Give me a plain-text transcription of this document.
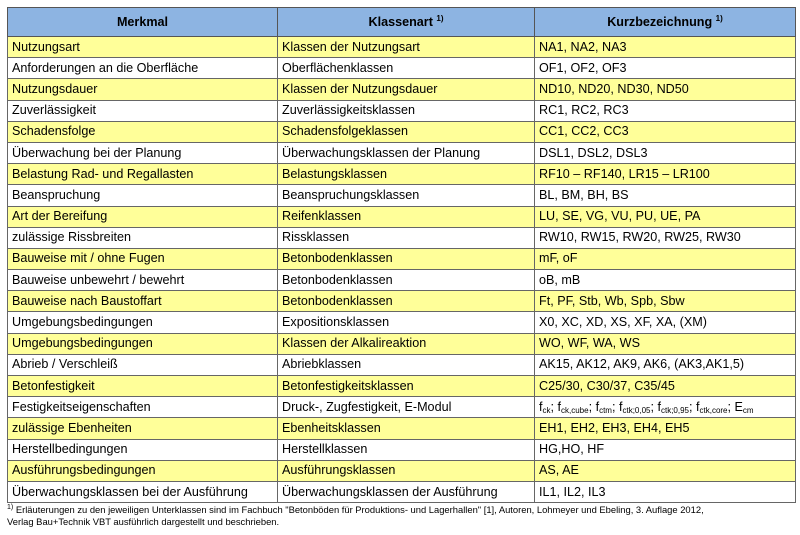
Merkmal	Klassenart $^{1)}$	Kurzbezeichnung $^{1)}$
Nutzungsart	Klassen der Nutzungsart	NA1, NA2, NA3
Anforderungen an die Oberfläche	Oberflächenklassen	OF1, OF2, OF3
Nutzungsdauer	Klassen der Nutzungsdauer	ND10, ND20, ND30, ND50
Zuverlässigkeit	Zuverlässigkeitsklassen	RC1, RC2, RC3
Schadensfolge	Schadensfolgeklassen	CC1, CC2, CC3
Überwachung bei der Planung	Überwachungsklassen der Planung	DSL1, DSL2, DSL3
Belastung Rad- und Regallasten	Belastungsklassen	RF10 – RF140, LR15 – LR100
Beanspruchung	Beanspruchungsklassen	BL, BM, BH, BS
Art der Bereifung	Reifenklassen	LU, SE, VG, VU, PU, UE, PA
zulässige Rissbreiten	Rissklassen	RW10, RW15, RW20, RW25, RW30
Bauweise mit / ohne Fugen	Betonbodenklassen	mF, oF
Bauweise unbewehrt / bewehrt	Betonbodenklassen	oB, mB
Bauweise nach Baustoffart	Betonbodenklassen	Ft, PF, Stb, Wb, Spb, Sbw
Umgebungsbedingungen	Expositionsklassen	X0, XC, XD, XS, XF, XA, (XM)
Umgebungsbedingungen	Klassen der Alkalireaktion	WO, WF, WA, WS
Abrieb / Verschleiß	Abriebklassen	AK15, AK12, AK9, AK6, (AK3,AK1,5)
Betonfestigkeit	Betonfestigkeitsklassen	C25/30, C30/37, C35/45
Festigkeitseigenschaften	Druck-, Zugfestigkeit, E-Modul	$f_{ck}$; $f_{ck,cube}$; $f_{ctm}$; $f_{ctk;0,05}$; $f_{ctk;0,95}$; $f_{ctk,core}$; $E_{cm}$
zulässige Ebenheiten	Ebenheitsklassen	EH1, EH2, EH3, EH4, EH5
Herstellbedingungen	Herstellklassen	HG,HO, HF
Ausführungsbedingungen	Ausführungsklassen	AS, AE
Überwachungsklassen bei der Ausführung	Überwachungsklassen der Ausführung	IL1, IL2, IL3
$^{1)}$ Erläuterungen zu den jeweiligen Unterklassen sind im Fachbuch "Betonböden für Produktions- und Lagerhallen" [1], Autoren, Lohmeyer und Ebeling, 3. Auflage 2012,
Verlag Bau+Technik VBT ausführlich dargestellt und beschrieben.
